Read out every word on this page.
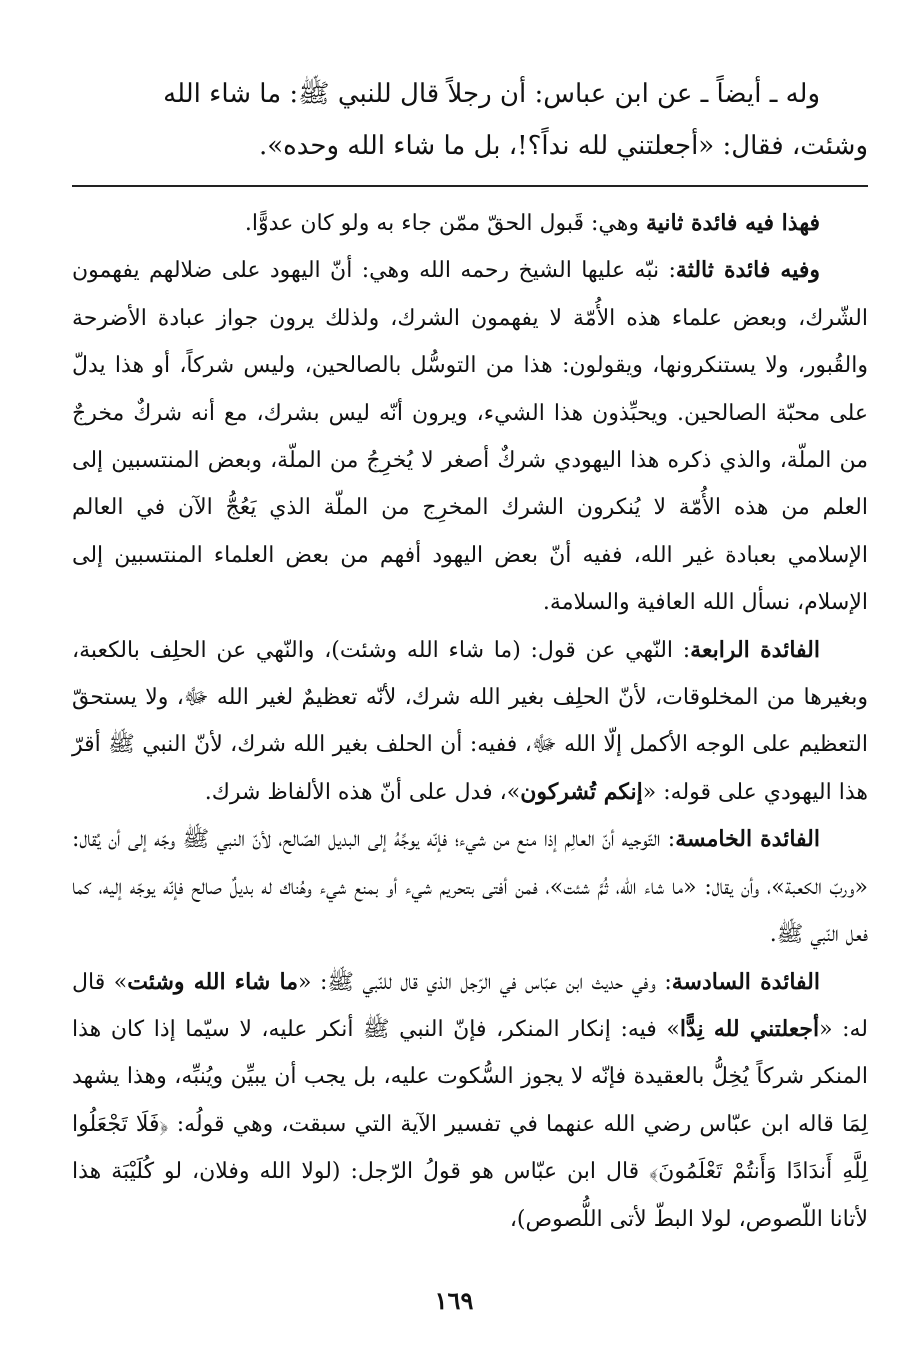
وله ـ أيضاً ـ عن ابن عباس: أن رجلاً قال للنبي ﷺ: ما شاء الله

وشئت، فقال: «أجعلتني لله نداً؟!، بل ما شاء الله وحده».

فهذا فيه فائدة ثانية وهي: قَبول الحقّ ممّن جاء به ولو كان عدوًّا.

وفيه فائدة ثالثة: نبّه عليها الشيخ رحمه الله وهي: أنّ اليهود على ضلالهم يفهمون الشّرك، وبعض علماء هذه الأُمّة لا يفهمون الشرك، ولذلك يرون جواز عبادة الأضرحة والقُبور، ولا يستنكرونها، ويقولون: هذا من التوسُّل بالصالحين، وليس شركاً، أو هذا يدلّ على محبّة الصالحين. ويحبِّذون هذا الشيء، ويرون أنّه ليس بشرك، مع أنه شركٌ مخرجٌ من الملّة، والذي ذكره هذا اليهودي شركٌ أصغر لا يُخرِجُ من الملّة، وبعض المنتسبين إلى العلم من هذه الأُمّة لا يُنكرون الشرك المخرِج من الملّة الذي يَعُجُّ الآن في العالم الإسلامي بعبادة غير الله، ففيه أنّ بعض اليهود أفهم من بعض العلماء المنتسبين إلى الإسلام، نسأل الله العافية والسلامة.

الفائدة الرابعة: النّهي عن قول: (ما شاء الله وشئت)، والنّهي عن الحلِف بالكعبة، وبغيرها من المخلوقات، لأنّ الحلِف بغير الله شرك، لأنّه تعظيمٌ لغير الله ﷻ، ولا يستحقّ التعظيم على الوجه الأكمل إلّا الله ﷻ، ففيه: أن الحلف بغير الله شرك، لأنّ النبي ﷺ أقرّ هذا اليهودي على قوله: «إنكم تُشركون»، فدل على أنّ هذه الألفاظ شرك.

الفائدة الخامسة: التّوجيه أنّ العالِم إذا منع من شيء؛ فإنّه يوجِّهُ إلى البديل الصّالح، لأنّ النبي ﷺ وجّه إلى أن يُقال: «وربّ الكعبة»، وأن يقال: «ما شاء الله، ثُمَّ شئت»، فمن أفتى بتحريم شيء أو بمنع شيء وهُناك له بديلٌ صالح فإنّه يوجّه إليه، كما فعل النّبي ﷺ.

الفائدة السادسة: وفي حديث ابن عبّاس في الرّجل الذي قال للنّبي ﷺ: «ما شاء الله وشئت» قال له: «أجعلتني لله نِدًّا» فيه: إنكار المنكر، فإنّ النبي ﷺ أنكر عليه، لا سيّما إذا كان هذا المنكر شركاً يُخِلُّ بالعقيدة فإنّه لا يجوز السُّكوت عليه، بل يجب أن يبيِّن ويُنبِّه، وهذا يشهد لِمَا قاله ابن عبّاس رضي الله عنهما في تفسير الآية التي سبقت، وهي قولُه: ﴿فَلَا تَجْعَلُوا لِلَّهِ أَندَادًا وَأَنتُمْ تَعْلَمُونَ﴾ قال ابن عبّاس هو قولُ الرّجل: (لولا الله وفلان، لو كُلَيْبَة هذا لأتانا اللّصوص، لولا البطّ لأتى اللُّصوص)،

١٦٩
